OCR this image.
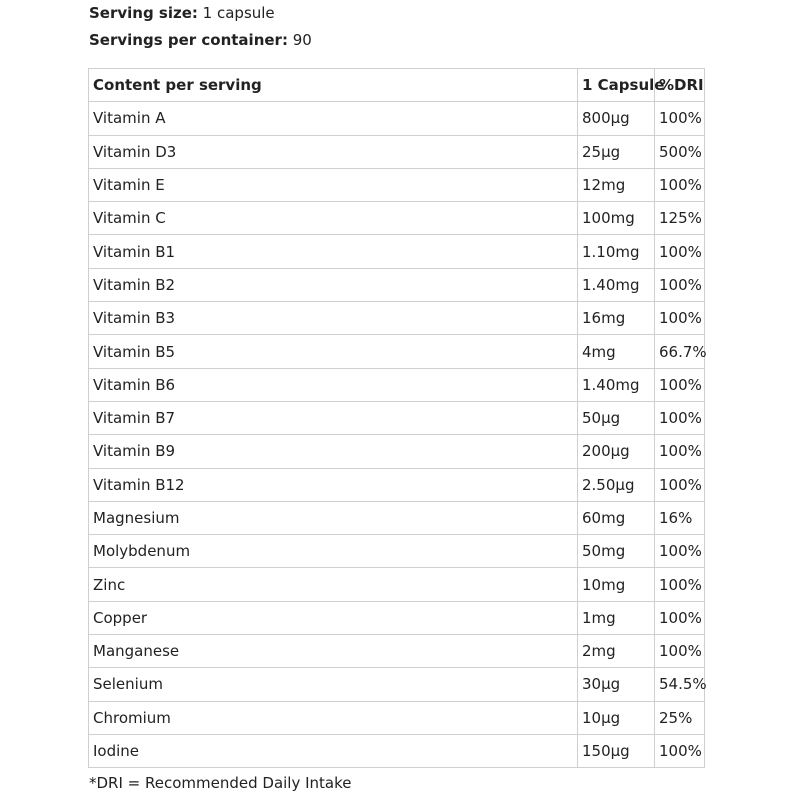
Serving size: 1 capsule
Servings per container: 90
Content per serving	1 Capsule	%DRI
Vitamin A	800μg	100%
Vitamin D3	25μg	500%
Vitamin E	12mg	100%
Vitamin C	100mg	125%
Vitamin B1	1.10mg	100%
Vitamin B2	1.40mg	100%
Vitamin B3	16mg	100%
Vitamin B5	4mg	66.7%
Vitamin B6	1.40mg	100%
Vitamin B7	50μg	100%
Vitamin B9	200μg	100%
Vitamin B12	2.50μg	100%
Magnesium	60mg	16%
Molybdenum	50mg	100%
Zinc	10mg	100%
Copper	1mg	100%
Manganese	2mg	100%
Selenium	30μg	54.5%
Chromium	10μg	25%
Iodine	150μg	100%
*DRI = Recommended Daily Intake
